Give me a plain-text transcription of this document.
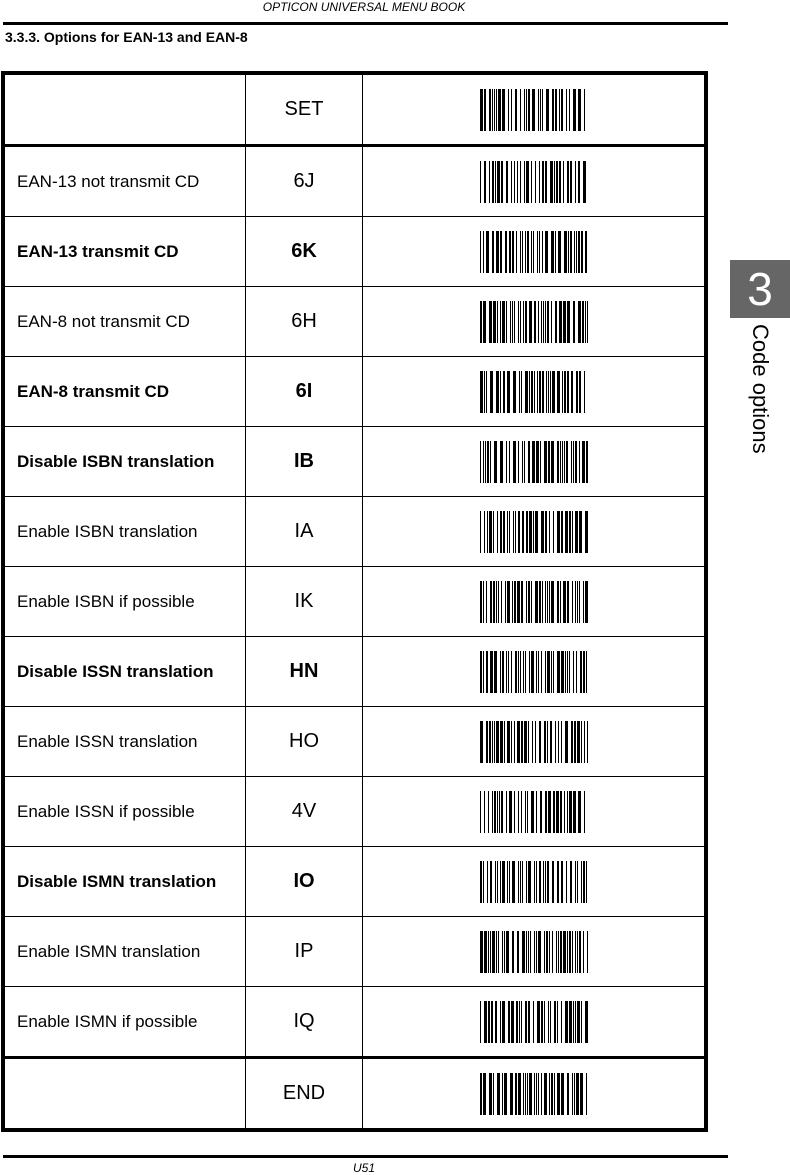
OPTICON UNIVERSAL MENU BOOK
3.3.3. Options for EAN-13 and EAN-8
	SET	
EAN-13 not transmit CD	6J	
EAN-13 transmit CD	6K	
EAN-8 not transmit CD	6H	
EAN-8 transmit CD	6I	
Disable ISBN translation	IB	
Enable ISBN translation	IA	
Enable ISBN if possible	IK	
Disable ISSN translation	HN	
Enable ISSN translation	HO	
Enable ISSN if possible	4V	
Disable ISMN translation	IO	
Enable ISMN translation	IP	
Enable ISMN if possible	IQ	
	END	
3
Code options
U51
